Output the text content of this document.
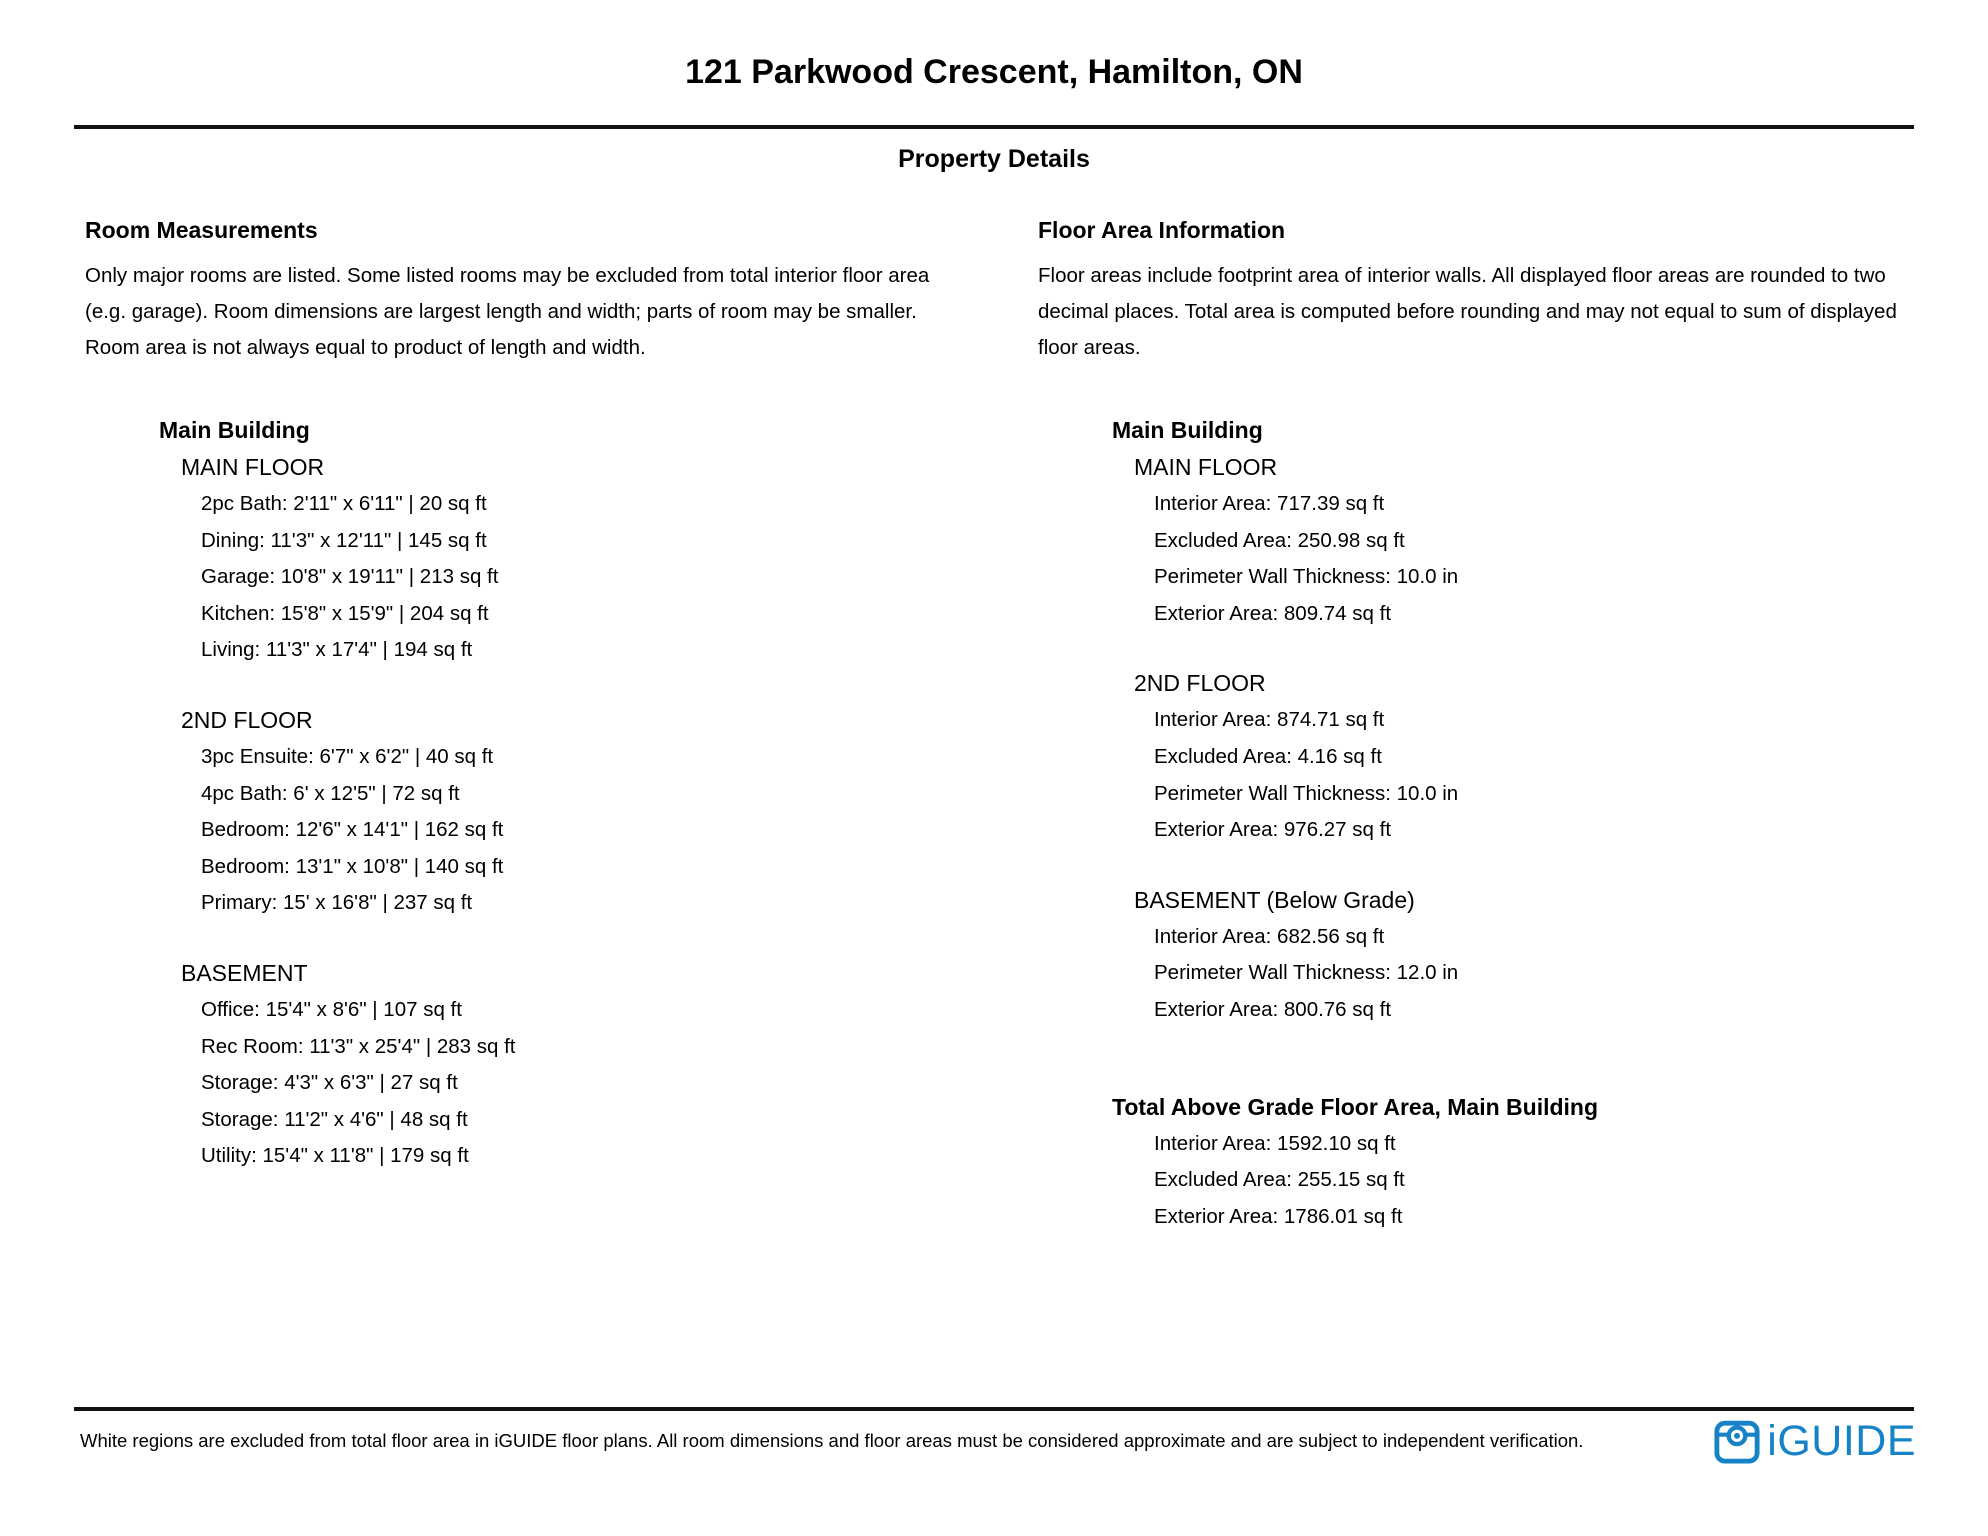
121 Parkwood Crescent, Hamilton, ON
Property Details
Room Measurements
Only major rooms are listed. Some listed rooms may be excluded from total interior floor area
(e.g. garage). Room dimensions are largest length and width; parts of room may be smaller.
Room area is not always equal to product of length and width.
Main Building
MAIN FLOOR
2pc Bath: 2'11" x 6'11" | 20 sq ft
Dining: 11'3" x 12'11" | 145 sq ft
Garage: 10'8" x 19'11" | 213 sq ft
Kitchen: 15'8" x 15'9" | 204 sq ft
Living: 11'3" x 17'4" | 194 sq ft
2ND FLOOR
3pc Ensuite: 6'7" x 6'2" | 40 sq ft
4pc Bath: 6' x 12'5" | 72 sq ft
Bedroom: 12'6" x 14'1" | 162 sq ft
Bedroom: 13'1" x 10'8" | 140 sq ft
Primary: 15' x 16'8" | 237 sq ft
BASEMENT
Office: 15'4" x 8'6" | 107 sq ft
Rec Room: 11'3" x 25'4" | 283 sq ft
Storage: 4'3" x 6'3" | 27 sq ft
Storage: 11'2" x 4'6" | 48 sq ft
Utility: 15'4" x 11'8" | 179 sq ft
Floor Area Information
Floor areas include footprint area of interior walls. All displayed floor areas are rounded to two
decimal places. Total area is computed before rounding and may not equal to sum of displayed
floor areas.
Main Building
MAIN FLOOR
Interior Area: 717.39 sq ft
Excluded Area: 250.98 sq ft
Perimeter Wall Thickness: 10.0 in
Exterior Area: 809.74 sq ft
2ND FLOOR
Interior Area: 874.71 sq ft
Excluded Area: 4.16 sq ft
Perimeter Wall Thickness: 10.0 in
Exterior Area: 976.27 sq ft
BASEMENT (Below Grade)
Interior Area: 682.56 sq ft
Perimeter Wall Thickness: 12.0 in
Exterior Area: 800.76 sq ft
Total Above Grade Floor Area, Main Building
Interior Area: 1592.10 sq ft
Excluded Area: 255.15 sq ft
Exterior Area: 1786.01 sq ft
White regions are excluded from total floor area in iGUIDE floor plans. All room dimensions and floor areas must be considered approximate and are subject to independent verification.	iGUIDE
